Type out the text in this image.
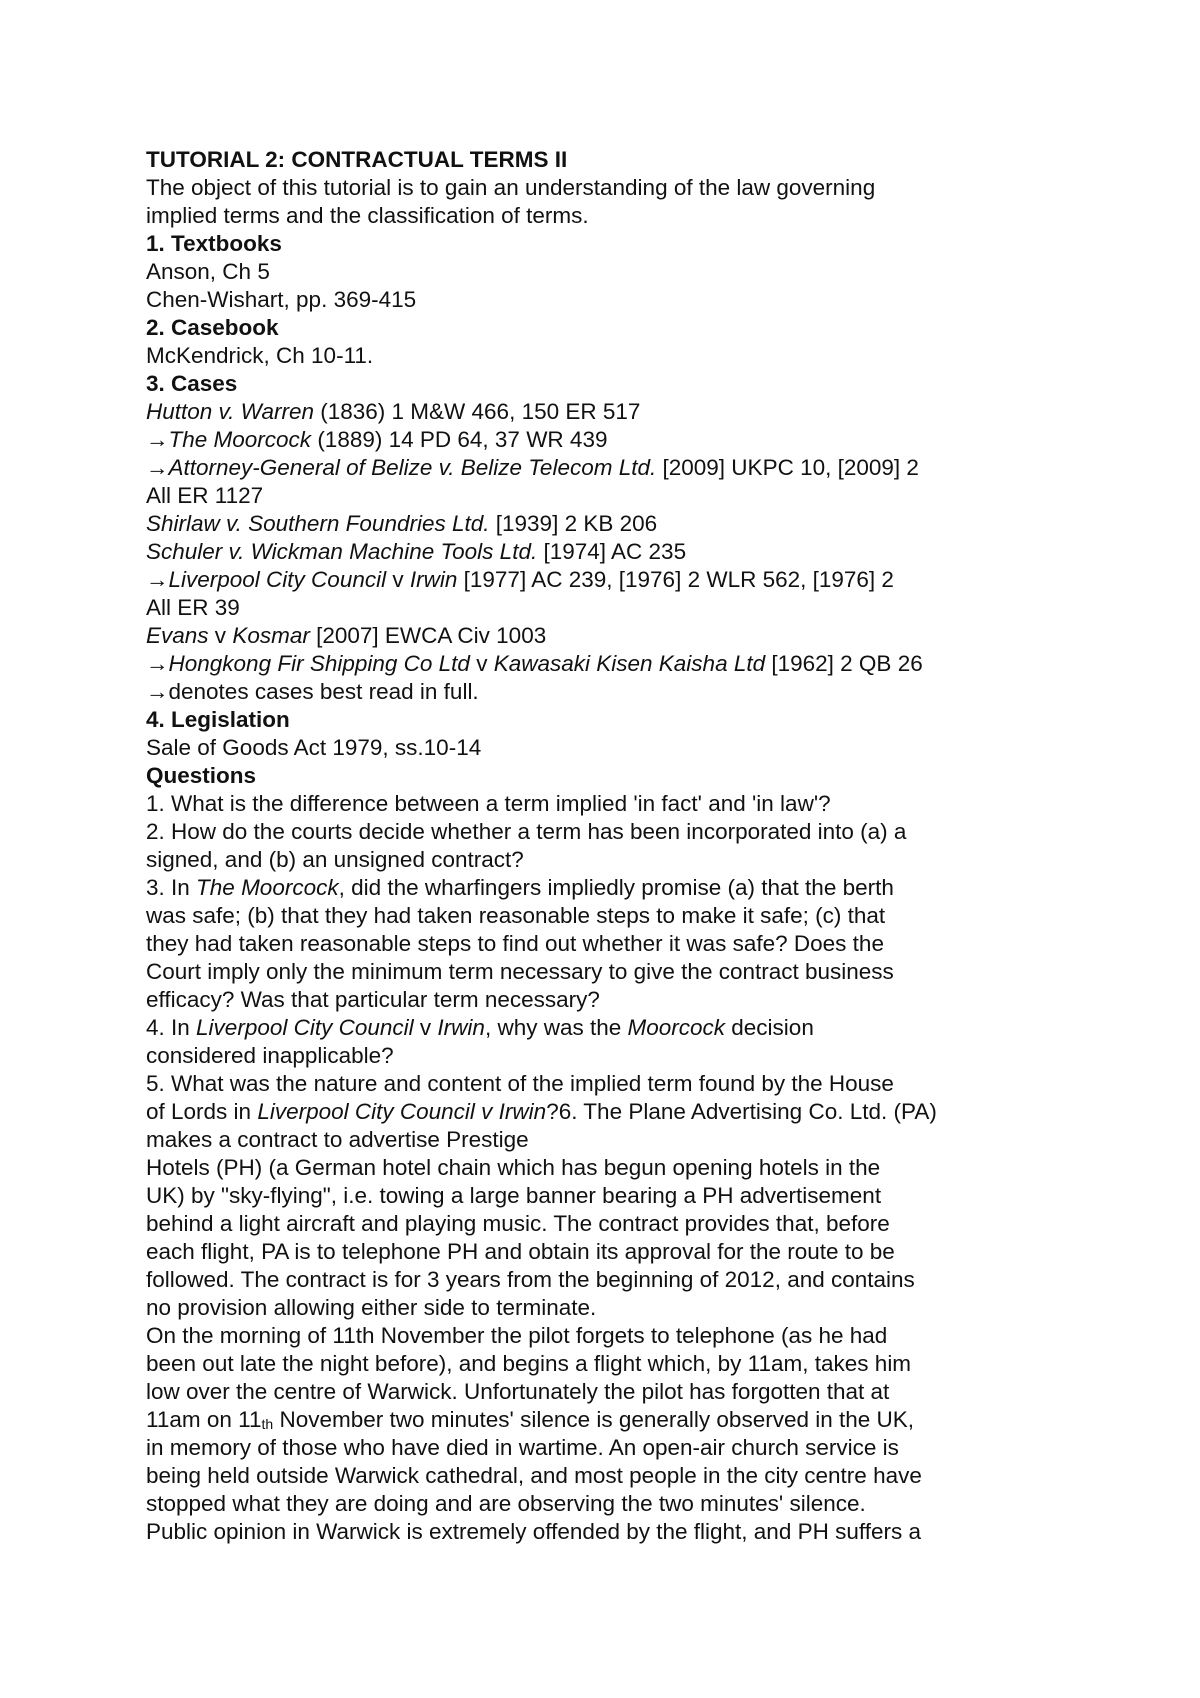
TUTORIAL 2: CONTRACTUAL TERMS II
The object of this tutorial is to gain an understanding of the law governing
implied terms and the classification of terms.
1. Textbooks
Anson, Ch 5
Chen-Wishart, pp. 369-415
2. Casebook
McKendrick, Ch 10-11.
3. Cases
Hutton v. Warren (1836) 1 M&W 466, 150 ER 517
→The Moorcock (1889) 14 PD 64, 37 WR 439
→Attorney-General of Belize v. Belize Telecom Ltd. [2009] UKPC 10, [2009] 2
All ER 1127
Shirlaw v. Southern Foundries Ltd. [1939] 2 KB 206
Schuler v. Wickman Machine Tools Ltd. [1974] AC 235
→Liverpool City Council v Irwin [1977] AC 239, [1976] 2 WLR 562, [1976] 2
All ER 39
Evans v Kosmar [2007] EWCA Civ 1003
→Hongkong Fir Shipping Co Ltd v Kawasaki Kisen Kaisha Ltd [1962] 2 QB 26
→denotes cases best read in full.
4. Legislation
Sale of Goods Act 1979, ss.10-14
Questions
1. What is the difference between a term implied 'in fact' and 'in law'?
2. How do the courts decide whether a term has been incorporated into (a) a
signed, and (b) an unsigned contract?
3. In The Moorcock, did the wharfingers impliedly promise (a) that the berth
was safe; (b) that they had taken reasonable steps to make it safe; (c) that
they had taken reasonable steps to find out whether it was safe? Does the
Court imply only the minimum term necessary to give the contract business
efficacy? Was that particular term necessary?
4. In Liverpool City Council v Irwin, why was the Moorcock decision
considered inapplicable?
5. What was the nature and content of the implied term found by the House
of Lords in Liverpool City Council v Irwin?6. The Plane Advertising Co. Ltd. (PA)
makes a contract to advertise Prestige
Hotels (PH) (a German hotel chain which has begun opening hotels in the
UK) by "sky-flying", i.e. towing a large banner bearing a PH advertisement
behind a light aircraft and playing music. The contract provides that, before
each flight, PA is to telephone PH and obtain its approval for the route to be
followed. The contract is for 3 years from the beginning of 2012, and contains
no provision allowing either side to terminate.
On the morning of 11th November the pilot forgets to telephone (as he had
been out late the night before), and begins a flight which, by 11am, takes him
low over the centre of Warwick. Unfortunately the pilot has forgotten that at
11am on $11_{th}$ November two minutes' silence is generally observed in the UK,
in memory of those who have died in wartime. An open-air church service is
being held outside Warwick cathedral, and most people in the city centre have
stopped what they are doing and are observing the two minutes' silence.
Public opinion in Warwick is extremely offended by the flight, and PH suffers a
